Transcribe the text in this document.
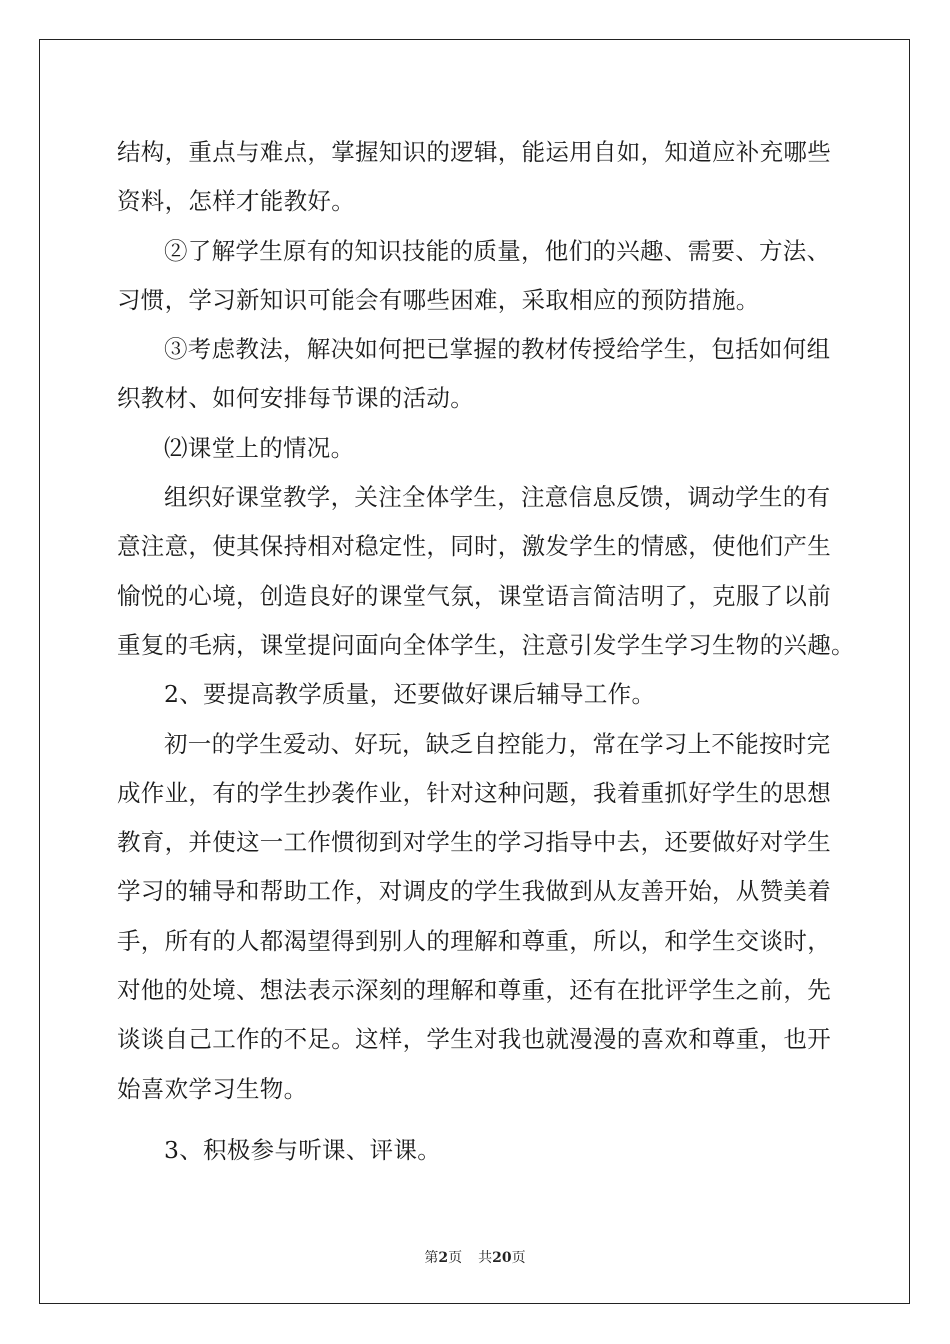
结构，重点与难点，掌握知识的逻辑，能运用自如，知道应补充哪些
资料，怎样才能教好。
②了解学生原有的知识技能的质量，他们的兴趣、需要、方法、
习惯，学习新知识可能会有哪些困难，采取相应的预防措施。
③考虑教法，解决如何把已掌握的教材传授给学生，包括如何组
织教材、如何安排每节课的活动。
⑵课堂上的情况。
组织好课堂教学，关注全体学生，注意信息反馈，调动学生的有
意注意，使其保持相对稳定性，同时，激发学生的情感，使他们产生
愉悦的心境，创造良好的课堂气氛，课堂语言简洁明了，克服了以前
重复的毛病，课堂提问面向全体学生，注意引发学生学习生物的兴趣。
2、要提高教学质量，还要做好课后辅导工作。
初一的学生爱动、好玩，缺乏自控能力，常在学习上不能按时完
成作业，有的学生抄袭作业，针对这种问题，我着重抓好学生的思想
教育，并使这一工作惯彻到对学生的学习指导中去，还要做好对学生
学习的辅导和帮助工作，对调皮的学生我做到从友善开始，从赞美着
手，所有的人都渴望得到别人的理解和尊重，所以，和学生交谈时，
对他的处境、想法表示深刻的理解和尊重，还有在批评学生之前，先
谈谈自己工作的不足。这样，学生对我也就漫漫的喜欢和尊重，也开
始喜欢学习生物。
3、积极参与听课、评课。
第2页 共20页
